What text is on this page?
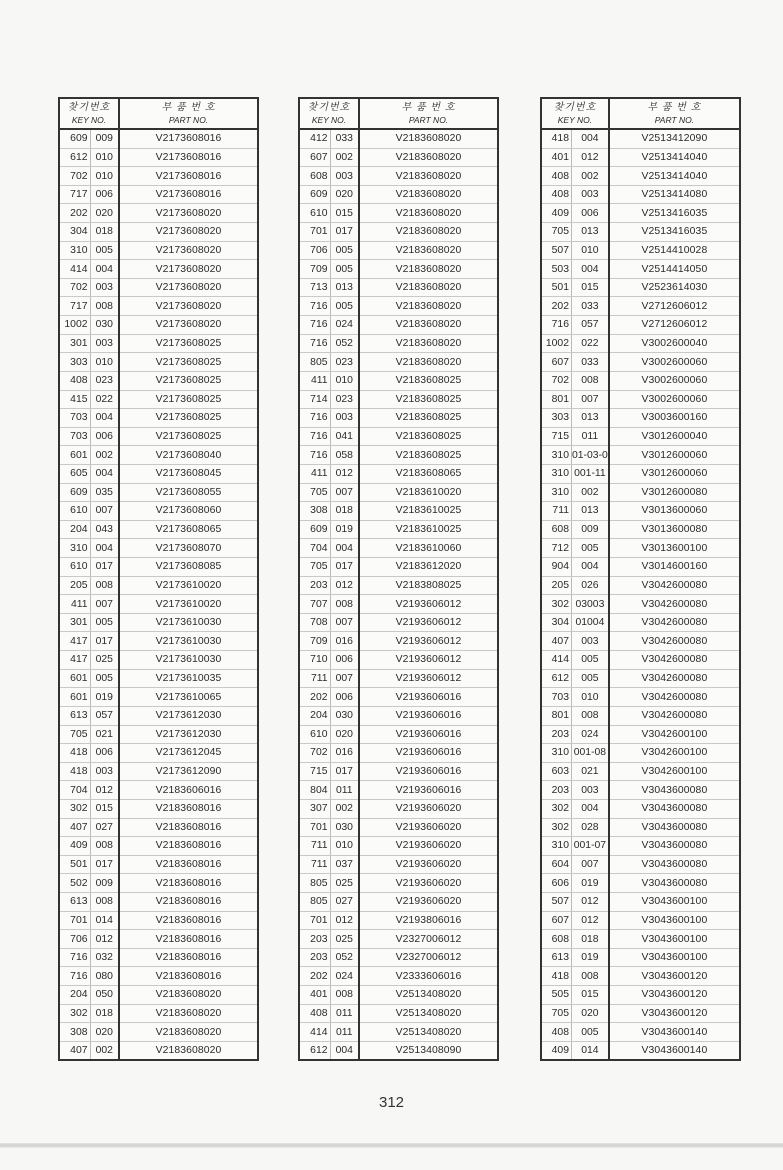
찾기번호
KEY NO.		부 품 번 호
PART NO.

609	009	V2173608016
612	010	V2173608016
702	010	V2173608016
717	006	V2173608016
202	020	V2173608020
304	018	V2173608020
310	005	V2173608020
414	004	V2173608020
702	003	V2173608020
717	008	V2173608020
1002	030	V2173608020
301	003	V2173608025
303	010	V2173608025
408	023	V2173608025
415	022	V2173608025
703	004	V2173608025
703	006	V2173608025
601	002	V2173608040
605	004	V2173608045
609	035	V2173608055
610	007	V2173608060
204	043	V2173608065
310	004	V2173608070
610	017	V2173608085
205	008	V2173610020
411	007	V2173610020
301	005	V2173610030
417	017	V2173610030
417	025	V2173610030
601	005	V2173610035
601	019	V2173610065
613	057	V2173612030
705	021	V2173612030
418	006	V2173612045
418	003	V2173612090
704	012	V2183606016
302	015	V2183608016
407	027	V2183608016
409	008	V2183608016
501	017	V2183608016
502	009	V2183608016
613	008	V2183608016
701	014	V2183608016
706	012	V2183608016
716	032	V2183608016
716	080	V2183608016
204	050	V2183608020
302	018	V2183608020
308	020	V2183608020
407	002	V2183608020
찾기번호
KEY NO.		부 품 번 호
PART NO.

412	033	V2183608020
607	002	V2183608020
608	003	V2183608020
609	020	V2183608020
610	015	V2183608020
701	017	V2183608020
706	005	V2183608020
709	005	V2183608020
713	013	V2183608020
716	005	V2183608020
716	024	V2183608020
716	052	V2183608020
805	023	V2183608020
411	010	V2183608025
714	023	V2183608025
716	003	V2183608025
716	041	V2183608025
716	058	V2183608025
411	012	V2183608065
705	007	V2183610020
308	018	V2183610025
609	019	V2183610025
704	004	V2183610060
705	017	V2183612020
203	012	V2183808025
707	008	V2193606012
708	007	V2193606012
709	016	V2193606012
710	006	V2193606012
711	007	V2193606012
202	006	V2193606016
204	030	V2193606016
610	020	V2193606016
702	016	V2193606016
715	017	V2193606016
804	011	V2193606016
307	002	V2193606020
701	030	V2193606020
711	010	V2193606020
711	037	V2193606020
805	025	V2193606020
805	027	V2193606020
701	012	V2193806016
203	025	V2327006012
203	052	V2327006012
202	024	V2333606016
401	008	V2513408020
408	011	V2513408020
414	011	V2513408020
612	004	V2513408090
찾기번호
KEY NO.		부 품 번 호
PART NO.

418	004	V2513412090
401	012	V2513414040
408	002	V2513414040
408	003	V2513414080
409	006	V2513416035
705	013	V2513416035
507	010	V2514410028
503	004	V2514414050
501	015	V2523614030
202	033	V2712606012
716	057	V2712606012
1002	022	V3002600040
607	033	V3002600060
702	008	V3002600060
801	007	V3002600060
303	013	V3003600160
715	011	V3012600040
310	01-03-0	V3012600060
310	001-11	V3012600060
310	002	V3012600080
711	013	V3013600060
608	009	V3013600080
712	005	V3013600100
904	004	V3014600160
205	026	V3042600080
302	03003	V3042600080
304	01004	V3042600080
407	003	V3042600080
414	005	V3042600080
612	005	V3042600080
703	010	V3042600080
801	008	V3042600080
203	024	V3042600100
310	001-08	V3042600100
603	021	V3042600100
203	003	V3043600080
302	004	V3043600080
302	028	V3043600080
310	001-07	V3043600080
604	007	V3043600080
606	019	V3043600080
507	012	V3043600100
607	012	V3043600100
608	018	V3043600100
613	019	V3043600100
418	008	V3043600120
505	015	V3043600120
705	020	V3043600120
408	005	V3043600140
409	014	V3043600140
312
